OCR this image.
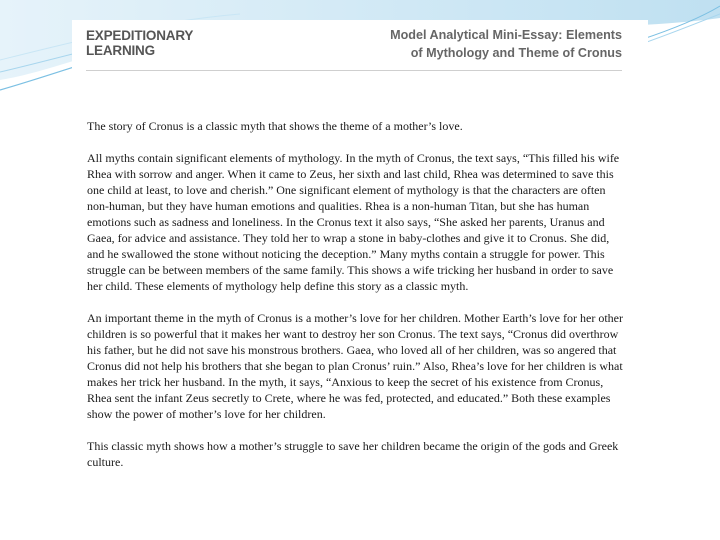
EXPEDITIONARY
LEARNING
Model Analytical Mini-Essay: Elements
of Mythology and Theme of Cronus

The story of Cronus is a classic myth that shows the theme of a mother’s love.

All myths contain significant elements of mythology. In the myth of Cronus, the text says, “This filled his wife Rhea with sorrow and anger. When it came to Zeus, her sixth and last child, Rhea was determined to save this one child at least, to love and cherish.” One significant element of mythology is that the characters are often non-human, but they have human emotions and qualities. Rhea is a non-human Titan, but she has human emotions such as sadness and loneliness. In the Cronus text it also says, “She asked her parents, Uranus and Gaea, for advice and assistance. They told her to wrap a stone in baby-clothes and give it to Cronus. She did, and he swallowed the stone without noticing the deception.” Many myths contain a struggle for power. This struggle can be between members of the same family. This shows a wife tricking her husband in order to save her child. These elements of mythology help define this story as a classic myth.

An important theme in the myth of Cronus is a mother’s love for her children. Mother Earth’s love for her other children is so powerful that it makes her want to destroy her son Cronus. The text says, “Cronus did overthrow his father, but he did not save his monstrous brothers. Gaea, who loved all of her children, was so angered that Cronus did not help his brothers that she began to plan Cronus’ ruin.” Also, Rhea’s love for her children is what makes her trick her husband. In the myth, it says, “Anxious to keep the secret of his existence from Cronus, Rhea sent the infant Zeus secretly to Crete, where he was fed, protected, and educated.” Both these examples show the power of mother’s love for her children.

This classic myth shows how a mother’s struggle to save her children became the origin of the gods and Greek culture.
